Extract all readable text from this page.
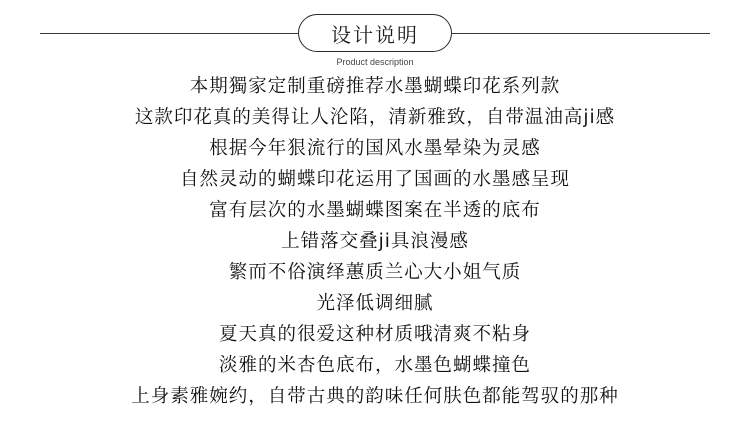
设计说明
Product description
本期獨家定制重磅推荐水墨蝴蝶印花系列款
这款印花真的美得让人沦陷，清新雅致，自带温油高ji感
根据今年狠流行的国风水墨晕染为灵感
自然灵动的蝴蝶印花运用了国画的水墨感呈现
富有层次的水墨蝴蝶图案在半透的底布
上错落交叠ji具浪漫感
繁而不俗演绎蕙质兰心大小姐气质
光泽低调细腻
夏天真的很爱这种材质哦清爽不粘身
淡雅的米杏色底布，水墨色蝴蝶撞色
上身素雅婉约，自带古典的韵味任何肤色都能驾驭的那种
